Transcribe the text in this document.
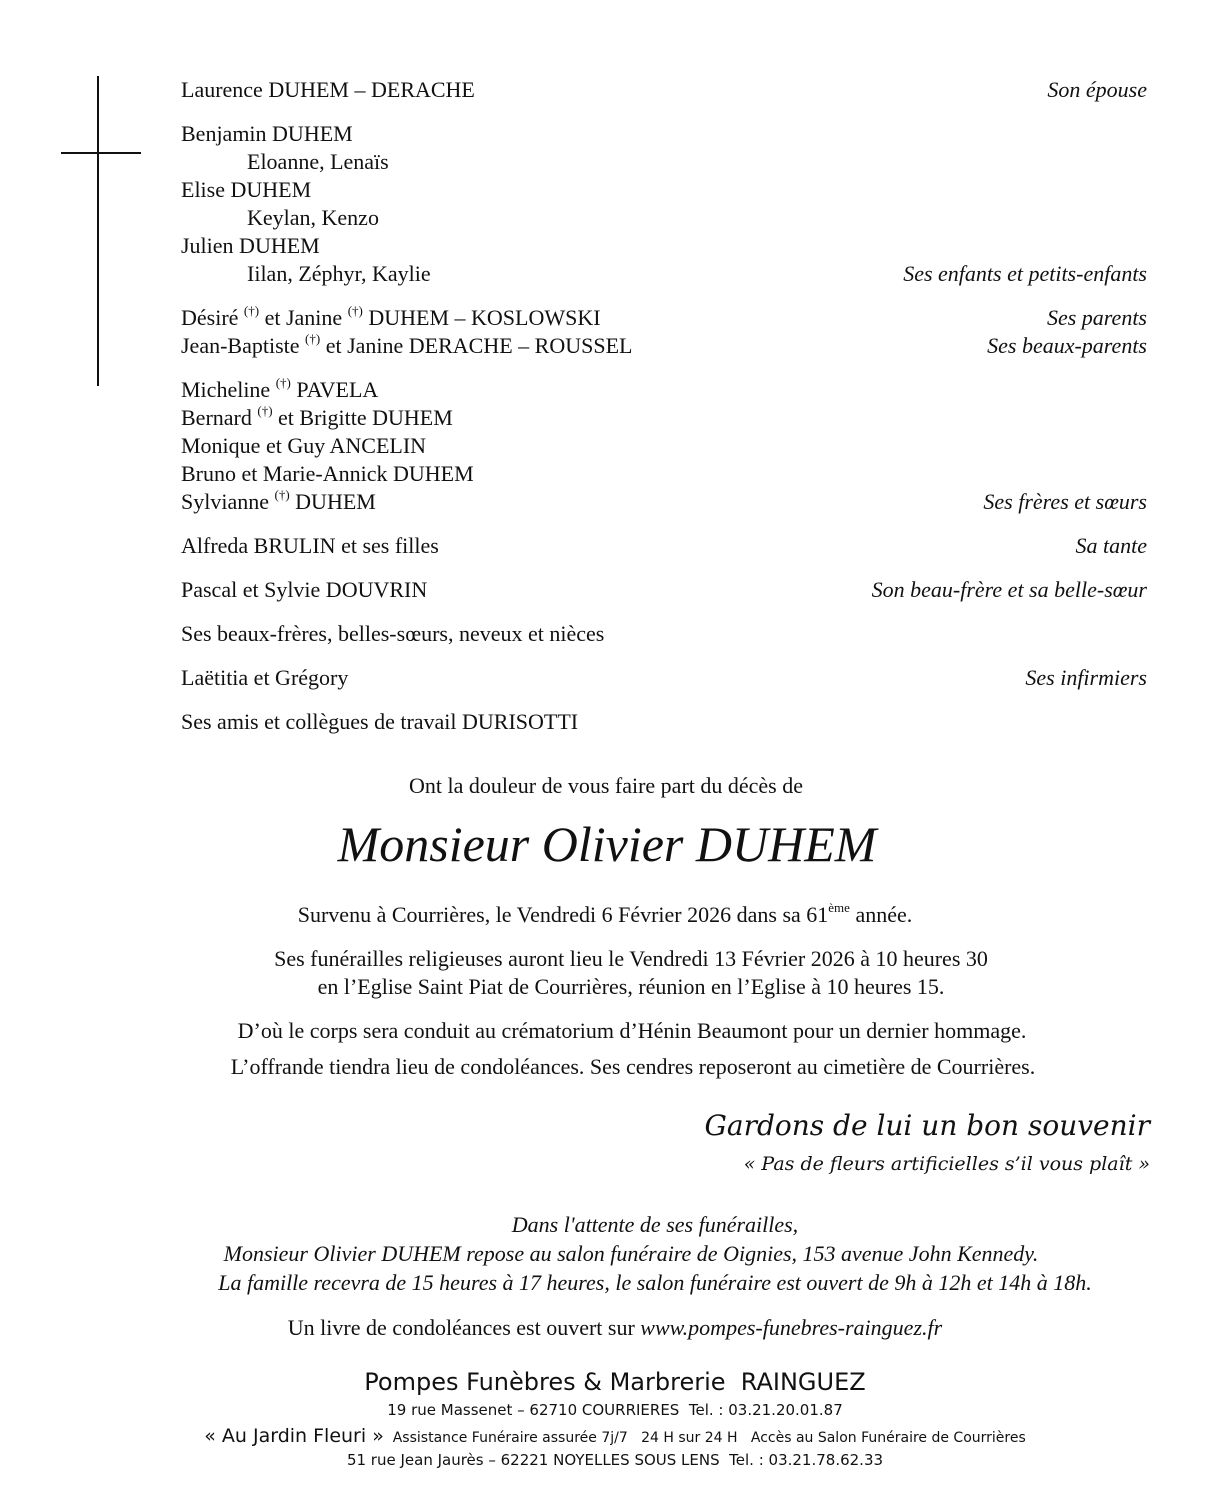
Laurence DUHEM – DERACHE	Son épouse
Benjamin DUHEM
Eloanne, Lenaïs
Elise DUHEM
Keylan, Kenzo
Julien DUHEM
Iilan, Zéphyr, Kaylie	Ses enfants et petits-enfants
Désiré (†) et Janine (†) DUHEM – KOSLOWSKI	Ses parents
Jean-Baptiste (†) et Janine DERACHE – ROUSSEL	Ses beaux-parents
Micheline (†) PAVELA
Bernard (†) et Brigitte DUHEM
Monique et Guy ANCELIN
Bruno et Marie-Annick DUHEM
Sylvianne (†) DUHEM	Ses frères et sœurs
Alfreda BRULIN et ses filles	Sa tante
Pascal et Sylvie DOUVRIN	Son beau-frère et sa belle-sœur
Ses beaux-frères, belles-sœurs, neveux et nièces
Laëtitia et Grégory	Ses infirmiers
Ses amis et collègues de travail DURISOTTI
Ont la douleur de vous faire part du décès de
Monsieur Olivier DUHEM
Survenu à Courrières, le Vendredi 6 Février 2026 dans sa 61ème année.
Ses funérailles religieuses auront lieu le Vendredi 13 Février 2026 à 10 heures 30
en l’Eglise Saint Piat de Courrières, réunion en l’Eglise à 10 heures 15.
D’où le corps sera conduit au crématorium d’Hénin Beaumont pour un dernier hommage.
L’offrande tiendra lieu de condoléances. Ses cendres reposeront au cimetière de Courrières.
Gardons de lui un bon souvenir
« Pas de fleurs artificielles s’il vous plaît »
Dans l'attente de ses funérailles,
Monsieur Olivier DUHEM repose au salon funéraire de Oignies, 153 avenue John Kennedy.
La famille recevra de 15 heures à 17 heures, le salon funéraire est ouvert de 9h à 12h et 14h à 18h.
Un livre de condoléances est ouvert sur www.pompes-funebres-rainguez.fr
Pompes Funèbres & Marbrerie  RAINGUEZ
19 rue Massenet – 62710 COURRIERES  Tel. : 03.21.20.01.87
« Au Jardin Fleuri »  Assistance Funéraire assurée 7j/7   24 H sur 24 H   Accès au Salon Funéraire de Courrières
51 rue Jean Jaurès – 62221 NOYELLES SOUS LENS  Tel. : 03.21.78.62.33
